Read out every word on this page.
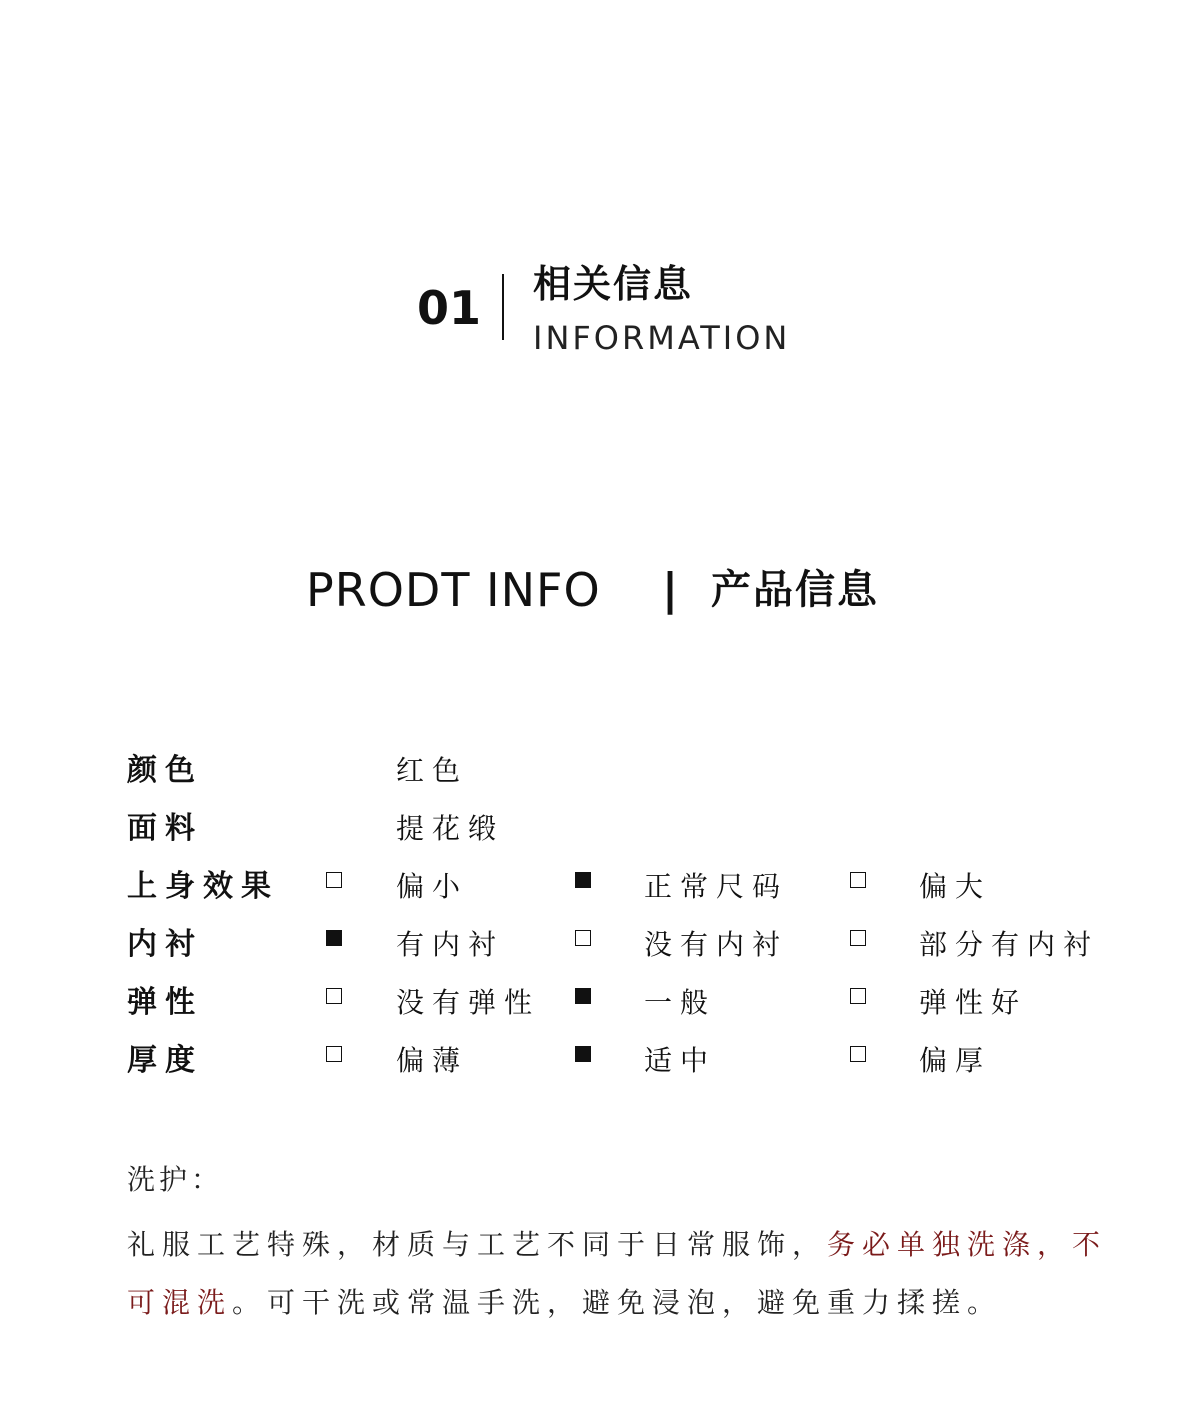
01 相关信息
INFORMATION
PRODT INFO | 产品信息
颜色	红色
面料	提花缎
上身效果	偏小	正常尺码	偏大
内衬	有内衬	没有内衬	部分有内衬
弹性	没有弹性	一般	弹性好
厚度	偏薄	适中	偏厚
洗护：
礼服工艺特殊，材质与工艺不同于日常服饰，务必单独洗涤，不可混洗。可干洗或常温手洗，避免浸泡，避免重力揉搓。
